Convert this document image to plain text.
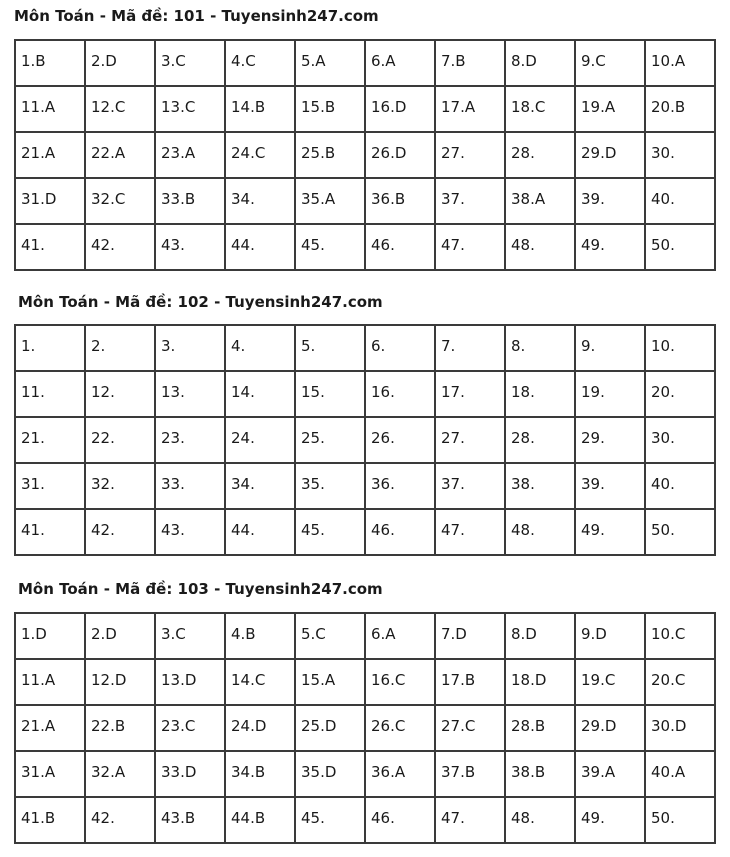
Môn Toán - Mã đề: 101 - Tuyensinh247.com
1.B	2.D	3.C	4.C	5.A	6.A	7.B	8.D	9.C	10.A
11.A	12.C	13.C	14.B	15.B	16.D	17.A	18.C	19.A	20.B
21.A	22.A	23.A	24.C	25.B	26.D	27.	28.	29.D	30.
31.D	32.C	33.B	34.	35.A	36.B	37.	38.A	39.	40.
41.	42.	43.	44.	45.	46.	47.	48.	49.	50.
Môn Toán - Mã đề: 102 - Tuyensinh247.com
1.	2.	3.	4.	5.	6.	7.	8.	9.	10.
11.	12.	13.	14.	15.	16.	17.	18.	19.	20.
21.	22.	23.	24.	25.	26.	27.	28.	29.	30.
31.	32.	33.	34.	35.	36.	37.	38.	39.	40.
41.	42.	43.	44.	45.	46.	47.	48.	49.	50.
Môn Toán - Mã đề: 103 - Tuyensinh247.com
1.D	2.D	3.C	4.B	5.C	6.A	7.D	8.D	9.D	10.C
11.A	12.D	13.D	14.C	15.A	16.C	17.B	18.D	19.C	20.C
21.A	22.B	23.C	24.D	25.D	26.C	27.C	28.B	29.D	30.D
31.A	32.A	33.D	34.B	35.D	36.A	37.B	38.B	39.A	40.A
41.B	42.	43.B	44.B	45.	46.	47.	48.	49.	50.
